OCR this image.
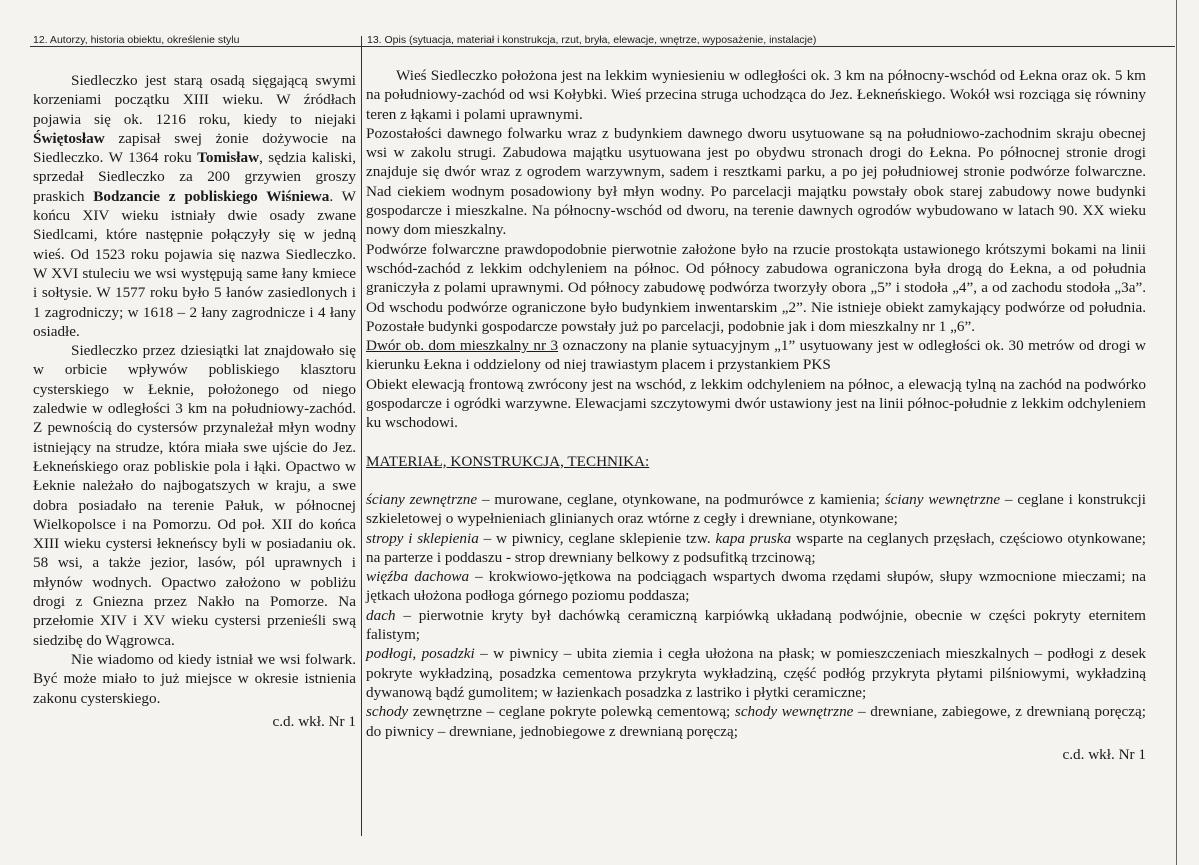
12. Autorzy, historia obiektu, określenie stylu	13. Opis (sytuacja, materiał i konstrukcja, rzut, bryła, elewacje, wnętrze, wyposażenie, instalacje)

Siedleczko jest starą osadą sięgającą swymi korzeniami początku XIII wieku. W źródłach pojawia się ok. 1216 roku, kiedy to niejaki Świętosław zapisał swej żonie dożywocie na Siedleczko. W 1364 roku Tomisław, sędzia kaliski, sprzedał Siedleczko za 200 grzywien groszy praskich Bodzancie z pobliskiego Wiśniewa. W końcu XIV wieku istniały dwie osady zwane Siedlcami, które następnie połączyły się w jedną wieś. Od 1523 roku pojawia się nazwa Siedleczko. W XVI stuleciu we wsi występują same łany kmiece i sołtysie. W 1577 roku było 5 łanów zasiedlonych i 1 zagrodniczy; w 1618 – 2 łany zagrodnicze i 4 łany osiadłe.

Siedleczko przez dziesiątki lat znajdowało się w orbicie wpływów pobliskiego klasztoru cysterskiego w Łeknie, położonego od niego zaledwie w odległości 3 km na południowy-zachód. Z pewnością do cystersów przynależał młyn wodny istniejący na strudze, która miała swe ujście do Jez. Łekneńskiego oraz pobliskie pola i łąki. Opactwo w Łeknie należało do najbogatszych w kraju, a swe dobra posiadało na terenie Pałuk, w północnej Wielkopolsce i na Pomorzu. Od poł. XII do końca XIII wieku cystersi łekneńscy byli w posiadaniu ok. 58 wsi, a także jezior, lasów, pól uprawnych i młynów wodnych. Opactwo założono w pobliżu drogi z Gniezna przez Nakło na Pomorze. Na przełomie XIV i XV wieku cystersi przenieśli swą siedzibę do Wągrowca.

Nie wiadomo od kiedy istniał we wsi folwark. Być może miało to już miejsce w okresie istnienia zakonu cysterskiego.

c.d. wkł. Nr 1

Wieś Siedleczko położona jest na lekkim wyniesieniu w odległości ok. 3 km na północny-wschód od Łekna oraz ok. 5 km na południowy-zachód od wsi Kołybki. Wieś przecina struga uchodząca do Jez. Łekneńskiego. Wokół wsi rozciąga się równiny teren z łąkami i polami uprawnymi.

Pozostałości dawnego folwarku wraz z budynkiem dawnego dworu usytuowane są na południowo-zachodnim skraju obecnej wsi w zakolu strugi. Zabudowa majątku usytuowana jest po obydwu stronach drogi do Łekna. Po północnej stronie drogi znajduje się dwór wraz z ogrodem warzywnym, sadem i resztkami parku, a po jej południowej stronie podwórze folwarczne. Nad ciekiem wodnym posadowiony był młyn wodny. Po parcelacji majątku powstały obok starej zabudowy nowe budynki gospodarcze i mieszkalne. Na północny-wschód od dworu, na terenie dawnych ogrodów wybudowano w latach 90. XX wieku nowy dom mieszkalny.

Podwórze folwarczne prawdopodobnie pierwotnie założone było na rzucie prostokąta ustawionego krótszymi bokami na linii wschód-zachód z lekkim odchyleniem na północ. Od północy zabudowa ograniczona była drogą do Łekna, a od południa graniczyła z polami uprawnymi. Od północy zabudowę podwórza tworzyły obora „5” i stodoła „4”, a od zachodu stodoła „3a”. Od wschodu podwórze ograniczone było budynkiem inwentarskim „2”. Nie istnieje obiekt zamykający podwórze od południa. Pozostałe budynki gospodarcze powstały już po parcelacji, podobnie jak i dom mieszkalny nr 1 „6”.

Dwór ob. dom mieszkalny nr 3 oznaczony na planie sytuacyjnym „1” usytuowany jest w odległości ok. 30 metrów od drogi w kierunku Łekna i oddzielony od niej trawiastym placem i przystankiem PKS

Obiekt elewacją frontową zwrócony jest na wschód, z lekkim odchyleniem na północ, a elewacją tylną na zachód na podwórko gospodarcze i ogródki warzywne. Elewacjami szczytowymi dwór ustawiony jest na linii północ-południe z lekkim odchyleniem ku wschodowi.

MATERIAŁ, KONSTRUKCJA, TECHNIKA:

ściany zewnętrzne – murowane, ceglane, otynkowane, na podmurówce z kamienia; ściany wewnętrzne – ceglane i konstrukcji szkieletowej o wypełnieniach glinianych oraz wtórne z cegły i drewniane, otynkowane;

stropy i sklepienia – w piwnicy, ceglane sklepienie tzw. kapa pruska wsparte na ceglanych przęsłach, częściowo otynkowane; na parterze i poddaszu - strop drewniany belkowy z podsufitką trzcinową;

więźba dachowa – krokwiowo-jętkowa na podciągach wspartych dwoma rzędami słupów, słupy wzmocnione mieczami; na jętkach ułożona podłoga górnego poziomu poddasza;

dach – pierwotnie kryty był dachówką ceramiczną karpiówką układaną podwójnie, obecnie w części pokryty eternitem falistym;

podłogi, posadzki – w piwnicy – ubita ziemia i cegła ułożona na płask; w pomieszczeniach mieszkalnych – podłogi z desek pokryte wykładziną, posadzka cementowa przykryta wykładziną, część podłóg przykryta płytami pilśniowymi, wykładziną dywanową bądź gumolitem; w łazienkach posadzka z lastriko i płytki ceramiczne;

schody zewnętrzne – ceglane pokryte polewką cementową; schody wewnętrzne – drewniane, zabiegowe, z drewnianą poręczą; do piwnicy – drewniane, jednobiegowe z drewnianą poręczą;

c.d. wkł. Nr 1
